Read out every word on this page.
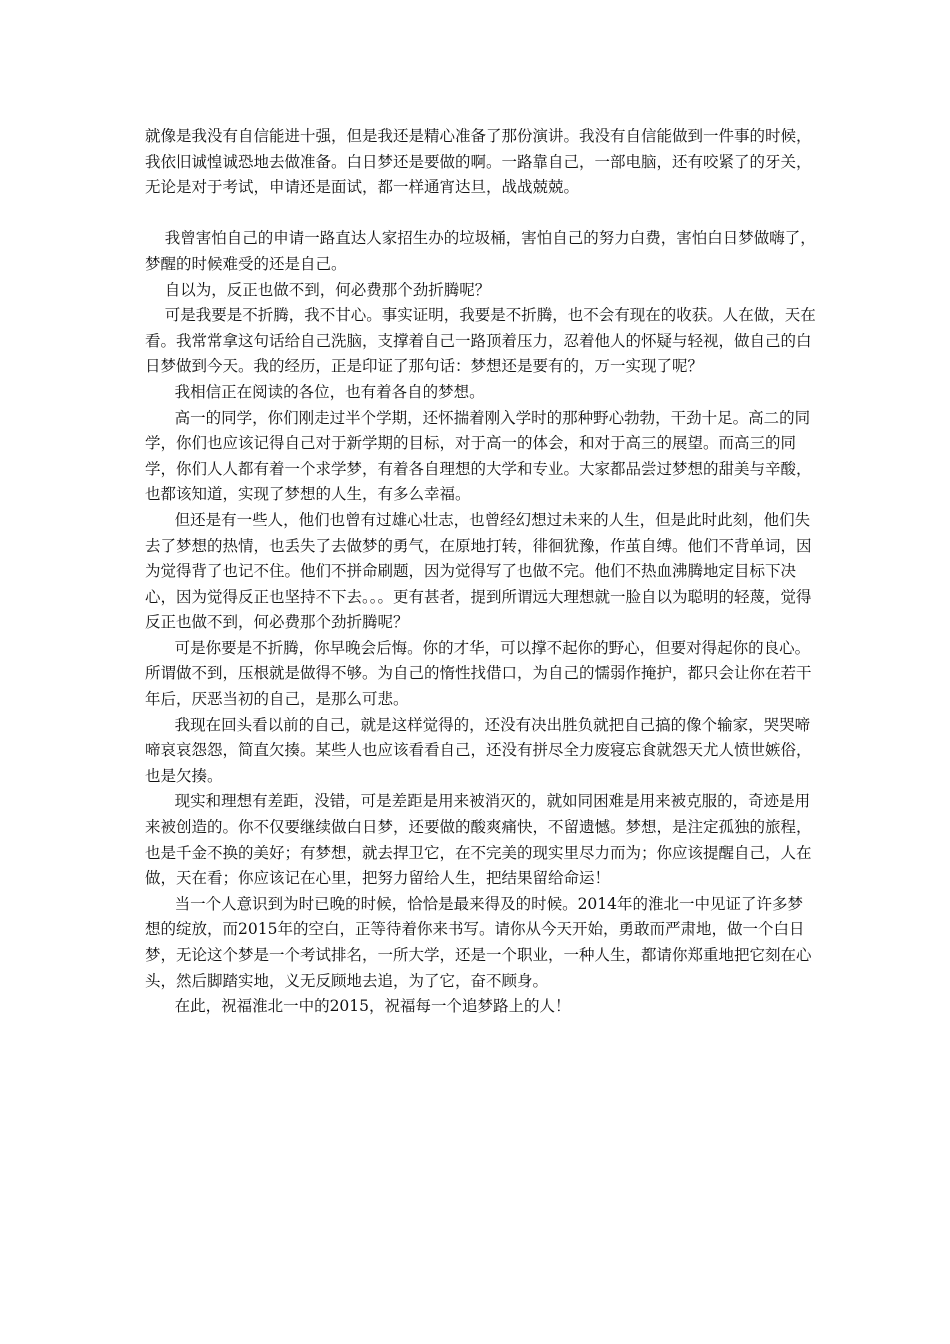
就像是我没有自信能进十强，但是我还是精心准备了那份演讲。我没有自信能做到一件事的时候，我依旧诚惶诚恐地去做准备。白日梦还是要做的啊。一路靠自己，一部电脑，还有咬紧了的牙关，无论是对于考试，申请还是面试，都一样通宵达旦，战战兢兢。

我曾害怕自己的申请一路直达人家招生办的垃圾桶，害怕自己的努力白费，害怕白日梦做嗨了，梦醒的时候难受的还是自己。

自以为，反正也做不到，何必费那个劲折腾呢？

可是我要是不折腾，我不甘心。事实证明，我要是不折腾，也不会有现在的收获。人在做，天在看。我常常拿这句话给自己洗脑，支撑着自己一路顶着压力，忍着他人的怀疑与轻视，做自己的白日梦做到今天。我的经历，正是印证了那句话：梦想还是要有的，万一实现了呢？

我相信正在阅读的各位，也有着各自的梦想。

高一的同学，你们刚走过半个学期，还怀揣着刚入学时的那种野心勃勃，干劲十足。高二的同学，你们也应该记得自己对于新学期的目标，对于高一的体会，和对于高三的展望。而高三的同学，你们人人都有着一个求学梦，有着各自理想的大学和专业。大家都品尝过梦想的甜美与辛酸，也都该知道，实现了梦想的人生，有多么幸福。

但还是有一些人，他们也曾有过雄心壮志，也曾经幻想过未来的人生，但是此时此刻，他们失去了梦想的热情，也丢失了去做梦的勇气，在原地打转，徘徊犹豫，作茧自缚。他们不背单词，因为觉得背了也记不住。他们不拼命刷题，因为觉得写了也做不完。他们不热血沸腾地定目标下决心，因为觉得反正也坚持不下去。。。更有甚者，提到所谓远大理想就一脸自以为聪明的轻蔑，觉得反正也做不到，何必费那个劲折腾呢？

可是你要是不折腾，你早晚会后悔。你的才华，可以撑不起你的野心，但要对得起你的良心。所谓做不到，压根就是做得不够。为自己的惰性找借口，为自己的懦弱作掩护，都只会让你在若干年后，厌恶当初的自己，是那么可悲。

我现在回头看以前的自己，就是这样觉得的，还没有决出胜负就把自己搞的像个输家，哭哭啼啼哀哀怨怨，简直欠揍。某些人也应该看看自己，还没有拼尽全力废寝忘食就怨天尤人愤世嫉俗，也是欠揍。

现实和理想有差距，没错，可是差距是用来被消灭的，就如同困难是用来被克服的，奇迹是用来被创造的。你不仅要继续做白日梦，还要做的酸爽痛快，不留遗憾。梦想，是注定孤独的旅程，也是千金不换的美好；有梦想，就去捍卫它，在不完美的现实里尽力而为；你应该提醒自己，人在做，天在看；你应该记在心里，把努力留给人生，把结果留给命运！

当一个人意识到为时已晚的时候，恰恰是最来得及的时候。2014年的淮北一中见证了许多梦想的绽放，而2015年的空白，正等待着你来书写。请你从今天开始，勇敢而严肃地，做一个白日梦，无论这个梦是一个考试排名，一所大学，还是一个职业，一种人生，都请你郑重地把它刻在心头，然后脚踏实地，义无反顾地去追，为了它，奋不顾身。

在此，祝福淮北一中的2015，祝福每一个追梦路上的人！
